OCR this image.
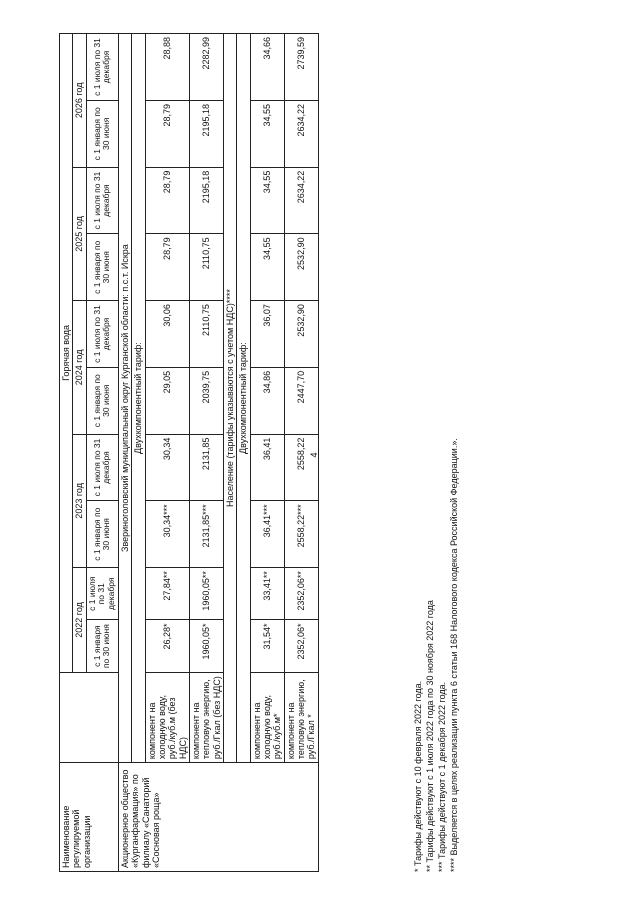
4
Наименование регулируемой организации		Горячая вода									
		2022 год		2023 год		2024 год		2025 год		2026 год	
		с 1 января по 30 июня	с 1 июля по 31 декабря	с 1 января по 30 июня	с 1 июля по 31 декабря	с 1 января по 30 июня	с 1 июля по 31 декабря	с 1 января по 30 июня	с 1 июля по 31 декабря	с 1 января по 30 июня	с 1 июля по 31 декабря
Акционерное общество «Курганфармация» по филиалу «Санаторий «Сосновая роща»	Звериноголовский муниципальный округ Курганской области: п.с.т. Искра										
	Двухкомпонентный тариф:										
	компонент на холодную воду, руб./куб.м (без НДС)	26,28*	27,84**	30,34***	30,34	29,05	30,06	28,79	28,79	28,79	28,88
	компонент на тепловую энергию, руб./Гкал (без НДС)	1960,05*	1960,05**	2131,85***	2131,85	2039,75	2110,75	2110,75	2195,18	2195,18	2282,99
	Население (тарифы указываются с учетом НДС)****										
	Двухкомпонентный тариф:										
	компонент на холодную воду, руб./куб.м*	31,54*	33,41**	36,41***	36,41	34,86	36,07	34,55	34,55	34,55	34,66
	компонент на тепловую энергию, руб./Гкал *	2352,06*	2352,06**	2558,22***	2558,22	2447,70	2532,90	2532,90	2634,22	2634,22	2739,59
* Тарифы действуют с 10 февраля 2022 года. ** Тарифы действуют с 1 июля 2022 года по 30 ноября 2022 года *** Тарифы действуют с 1 декабря 2022 года. **** Выделяется в целях реализации пункта 6 статьи 168 Налогового кодекса Российской Федерации.».
